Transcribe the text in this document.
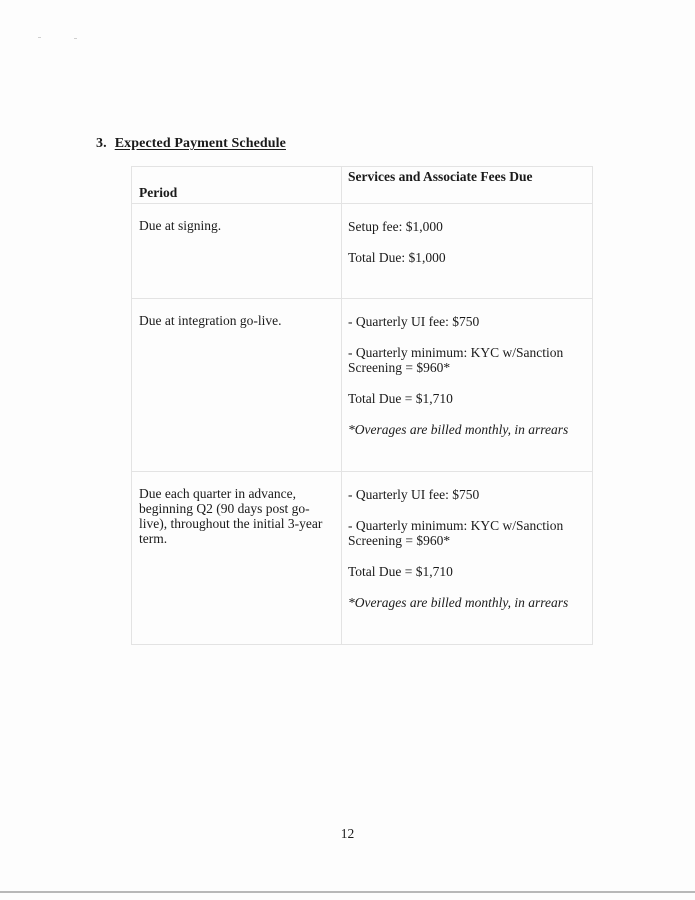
3. Expected Payment Schedule
Period	Services and Associate Fees Due

Due at signing.	Setup fee: $1,000

Total Due: $1,000

Due at integration go-live.	- Quarterly UI fee: $750

- Quarterly minimum: KYC w/Sanction Screening = $960*

Total Due = $1,710

*Overages are billed monthly, in arrears

Due each quarter in advance, beginning Q2 (90 days post go-live), throughout the initial 3-year term.	- Quarterly UI fee: $750

- Quarterly minimum: KYC w/Sanction Screening = $960*

Total Due = $1,710

*Overages are billed monthly, in arrears

12
